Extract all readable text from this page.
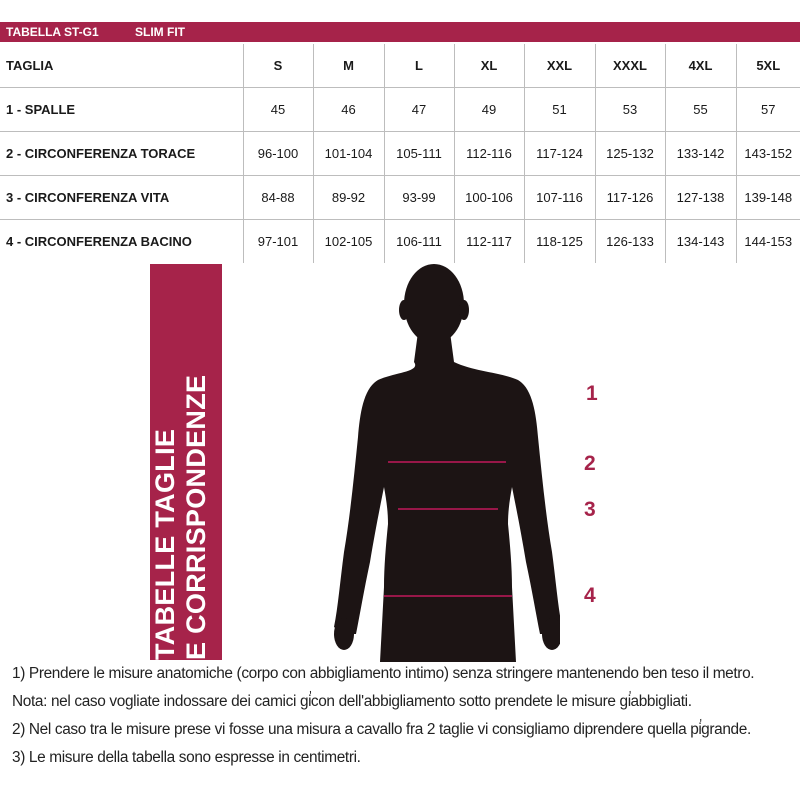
TABELLA ST-G1	SLIM FIT
TAGLIA	S	M	L	XL	XXL	XXXL	4XL	5XL
1 - SPALLE	45	46	47	49	51	53	55	57
2 - CIRCONFERENZA TORACE	96-100	101-104	105-111	112-116	117-124	125-132	133-142	143-152
3 - CIRCONFERENZA VITA	84-88	89-92	93-99	100-106	107-116	117-126	127-138	139-148
4 - CIRCONFERENZA BACINO	97-101	102-105	106-111	112-117	118-125	126-133	134-143	144-153
TABELLE TAGLIE E CORRISPONDENZE	1
2
3
4
1) Prendere le misure anatomiche (corpo con abbigliamento intimo) senza stringere mantenendo ben teso il metro.
Nota: nel caso vogliate indossare dei camici giࠠcon dell'abbigliamento sotto prendete le misure giࠠabbigliati.
2) Nel caso tra le misure prese vi fosse una misura a cavallo fra 2 taglie vi consigliamo diprendere quella piࠠgrande.
3) Le misure della tabella sono espresse in centimetri.
